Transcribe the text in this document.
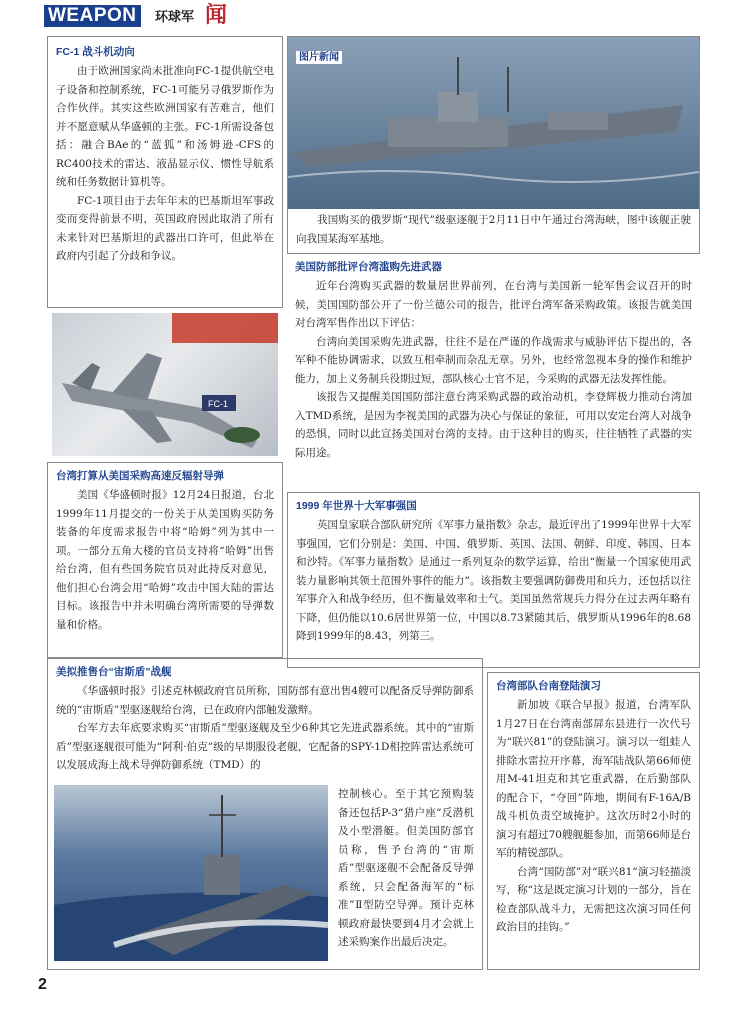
WEAPON	环球军 闻
FC-1 战斗机动向

由于欧洲国家尚未批准向FC-1提供航空电子设备和控制系统，FC-1可能另寻俄罗斯作为合作伙伴。其实这些欧洲国家有苦难言，他们并不愿意赋从华盛顿的主张。FC-1所需设备包括：融合BAe的“蓝狐”和汤姆逊-CFS的RC400技术的雷达、液晶显示仪、惯性导航系统和任务数据计算机等。

FC-1项目由于去年年末的巴基斯坦军事政变而变得前景不明，英国政府因此取消了所有未来针对巴基斯坦的武器出口许可，但此举在政府内引起了分歧和争议。

FC-1
台湾打算从美国采购高速反辐射导弹

美国《华盛顿时报》12月24日报道，台北1999年11月提交的一份关于从美国购买防务装备的年度需求报告中将“哈姆”列为其中一项。一部分五角大楼的官员支持将“哈姆”出售给台湾，但有些国务院官员对此持反对意见，他们担心台湾会用“哈姆”攻击中国大陆的雷达目标。该报告中并未明确台湾所需要的导弹数量和价格。

图片新闻

我国购买的俄罗斯“现代”级驱逐舰于2月11日中午通过台湾海峡，图中该舰正驶向我国某海军基地。

美国防部批评台湾滥购先进武器

近年台湾购买武器的数量居世界前列，在台湾与美国新一轮军售会议召开的时候，美国国防部公开了一份兰德公司的报告，批评台湾军备采购政策。该报告就美国对台湾军售作出以下评估：

台湾向美国采购先进武器，往往不是在严谨的作战需求与威胁评估下提出的，各军种不能协调需求，以致互相牵制而杂乱无章。另外，也经常忽视本身的操作和维护能力，加上义务制兵役期过短，部队核心士官不足，今采购的武器无法发挥性能。

该报告又提醒美国国防部注意台湾采购武器的政治动机，李登辉极力推动台湾加入TMD系统，是因为李视美国的武器为决心与保证的象征，可用以安定台湾人对战争的恐惧，同时以此宣扬美国对台湾的支持。由于这种目的购买，往往牺牲了武器的实际用途。

1999 年世界十大军事强国

英国皇家联合部队研究所《军事力量指数》杂志，最近评出了1999年世界十大军事强国，它们分别是：美国、中国、俄罗斯、英国、法国、朝鲜、印度、韩国、日本和沙特。《军事力量指数》是通过一系列复杂的数学运算，给出“衡量一个国家使用武装力量影响其领土范围外事件的能力”。该指数主要强调防御费用和兵力，还包括以往军事介入和战争经历，但不衡量效率和士气。美国虽然常规兵力得分在过去两年略有下降，但仍能以10.6居世界第一位，中国以8.73紧随其后，俄罗斯从1996年的8.68降到1999年的8.43，列第三。

美拟推售台“宙斯盾”战舰

《华盛顿时报》引述克林顿政府官员所称，国防部有意出售4艘可以配备反导弹防御系统的“宙斯盾”型驱逐舰给台湾，已在政府内部触发激辩。

台军方去年底要求购买“宙斯盾”型驱逐舰及至少6种其它先进武器系统。其中的“宙斯盾”型驱逐舰很可能为“阿利·伯克”级的早期服役老舰，它配备的SPY-1D相控阵雷达系统可以发展成海上战术导弹防御系统（TMD）的

控制核心。至于其它预购装备还包括P-3“猎户座”反潜机及小型潜艇。但美国防部官员称，售予台湾的“宙斯盾”型驱逐舰不会配备反导弹系统，只会配备海军的“标准”Ⅱ型防空导弹。预计克林顿政府最快要到4月才会就上述采购案作出最后决定。

台湾部队台南登陆演习

新加坡《联合早报》报道，台湾军队1月27日在台湾南部屏东县进行一次代号为“联兴81”的登陆演习。演习以一组蛙人排除水雷拉开序幕，海军陆战队第66师使用M-41坦克和其它重武器，在后勤部队的配合下，“夺回”阵地，期间有F-16A/B战斗机负责空域掩护。这次历时2小时的演习有超过70艘舰艇参加，而第66师是台军的精锐部队。

台湾“国防部”对“联兴81”演习轻描淡写，称“这是既定演习计划的一部分，旨在检查部队战斗力，无需把这次演习同任何政治目的挂钩。”

2
